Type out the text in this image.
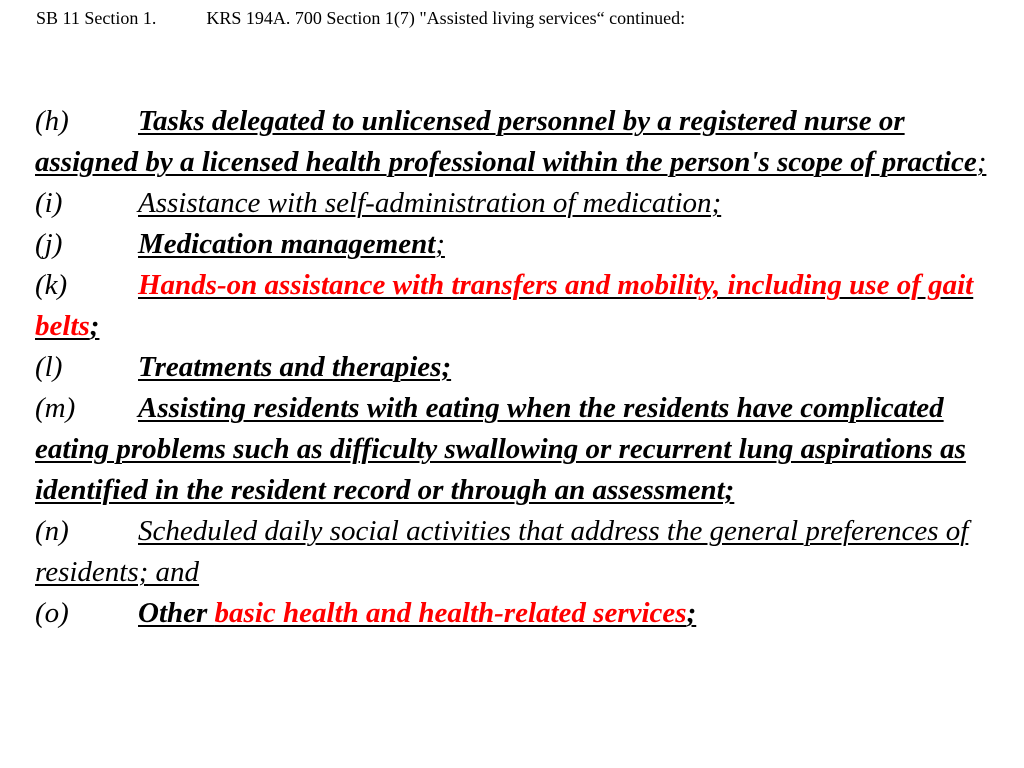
SB 11 Section 1.	KRS 194A. 700 Section 1(7) "Assisted living services“ continued:
(h) Tasks delegated to unlicensed personnel by a registered nurse or assigned by a licensed health professional within the person's scope of practice;
(i)	Assistance with self-administration of medication;
(j)	Medication management;
(k) Hands-on assistance with transfers and mobility, including use of gait belts;
(l)	Treatments and therapies;
(m) Assisting residents with eating when the residents have complicated eating problems such as difficulty swallowing or recurrent lung aspirations as identified in the resident record or through an assessment;
(n) Scheduled daily social activities that address the general preferences of residents; and
(o) Other basic health and health-related services;
